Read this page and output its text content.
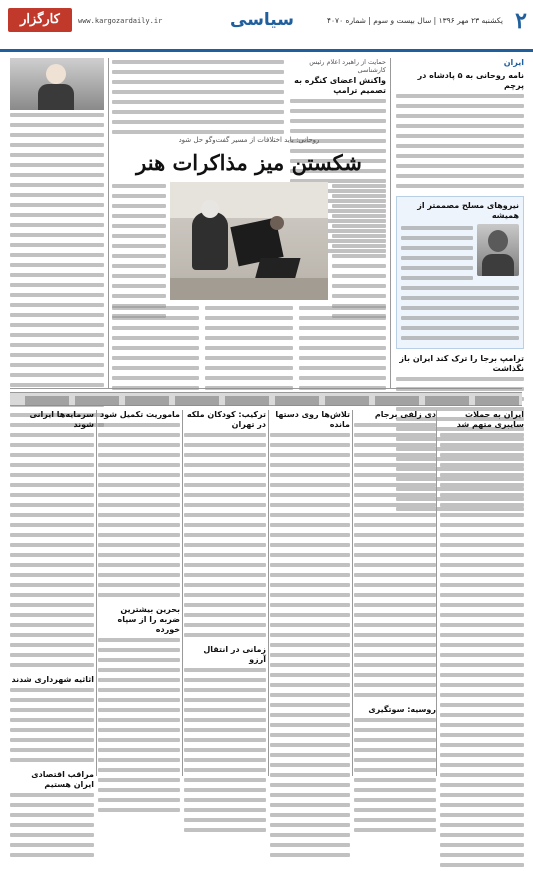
۲
یکشنبه ۲۳ مهر ۱۳۹۶ | سال بیست و سوم | شماره ۴۰۷۰
سیاسی
www.kargozardaily.ir
کارگزار
ایران
نامه روحانی به ۵ پادشاه در پرچم
نیروهای مسلح مصممتر از همیشه
ترامپ برجا را ترک کند ایران باز نگذاشت
حمایت از راهبرد اعلام رئیس کارشناسی
واکنش اعضای کنگره به تصمیم ترامپ
روحانی: باید اختلافات از مسیر گفت‌وگو حل شود
شکستن میز مذاکرات هنر
ایران به حملات سایبری متهم شد
دی زلفی برجام
روسیه: سوتگیری
تلاش‌ها روی دستها مانده
ترکیب: کودکان ملکه در تهران
زمانی در انتقال آرزو
ماموریت تکمیل شود
بحرین بیشترین ضربه را از سپاه خورده
سرمایه‌ها ایرانی شوند
اثاثیه شهرداری شدند
مراقب اقتصادی ایران هستیم
